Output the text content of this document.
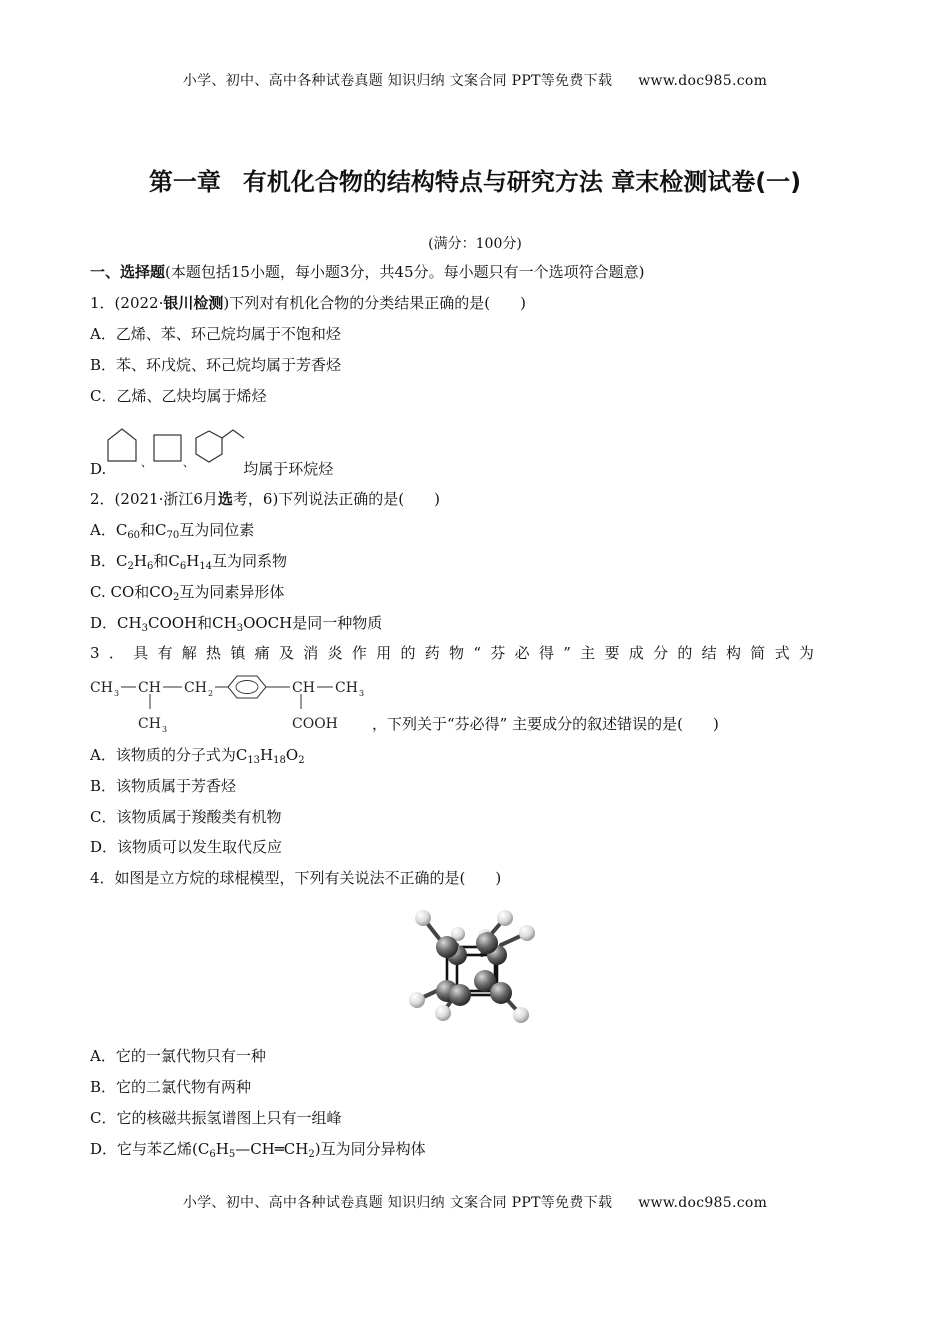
小学、初中、高中各种试卷真题 知识归纳 文案合同 PPT等免费下载 www.doc985.com
第一章 有机化合物的结构特点与研究方法 章末检测试卷(一)
(满分：100分)
一、选择题(本题包括15小题，每小题3分，共45分。每小题只有一个选项符合题意)
1．(2022·银川检测)下列对有机化合物的分类结果正确的是(　　)
A．乙烯、苯、环己烷均属于不饱和烃
B．苯、环戊烷、环己烷均属于芳香烃
C．乙烯、乙炔均属于烯烃
、	、
D.	均属于环烷烃
2．(2021·浙江6月选考，6)下列说法正确的是(　　)
A．$C_{60}$和$C_{70}$互为同位素
B．$C_2H_6$和$C_6H_{14}$互为同系物
C. CO和$CO_2$互为同素异形体
D．$CH_3COOH$和$CH_3OOCH$是同一种物质
3．具有解热镇痛及消炎作用的药物“芬必得”主要成分的结构简式为
CH 3 CH
CH 3
CH 2	CH CH 3
COOH ，下列关于“芬必得” 主要成分的叙述错误的是(　　)
A．该物质的分子式为$C_{13}H_{18}O_2$
B．该物质属于芳香烃
C．该物质属于羧酸类有机物
D．该物质可以发生取代反应
4．如图是立方烷的球棍模型，下列有关说法不正确的是(　　)
A．它的一氯代物只有一种
B．它的二氯代物有两种
C．它的核磁共振氢谱图上只有一组峰
D．它与苯乙烯$(C_6H_5—CH═CH_2)$互为同分异构体
小学、初中、高中各种试卷真题 知识归纳 文案合同 PPT等免费下载 www.doc985.com
